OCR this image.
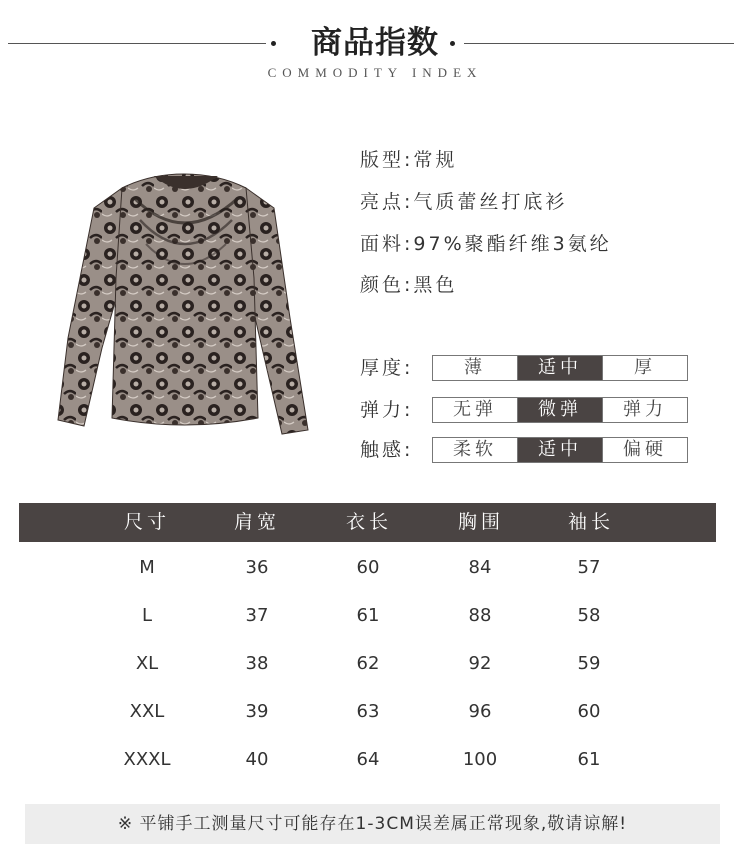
商品指数
COMMODITY INDEX
版型:常规
亮点:气质蕾丝打底衫
面料:97%聚酯纤维3氨纶
颜色:黑色
厚度:	薄	适中	厚
弹力:	无弹	微弹	弹力
触感:	柔软	适中	偏硬
尺寸	肩宽	衣长	胸围	袖长
M	36	60	84	57
L	37	61	88	58
XL	38	62	92	59
XXL	39	63	96	60
XXXL	40	64	100	61
※ 平铺手工测量尺寸可能存在1-3CM误差属正常现象,敬请谅解!
